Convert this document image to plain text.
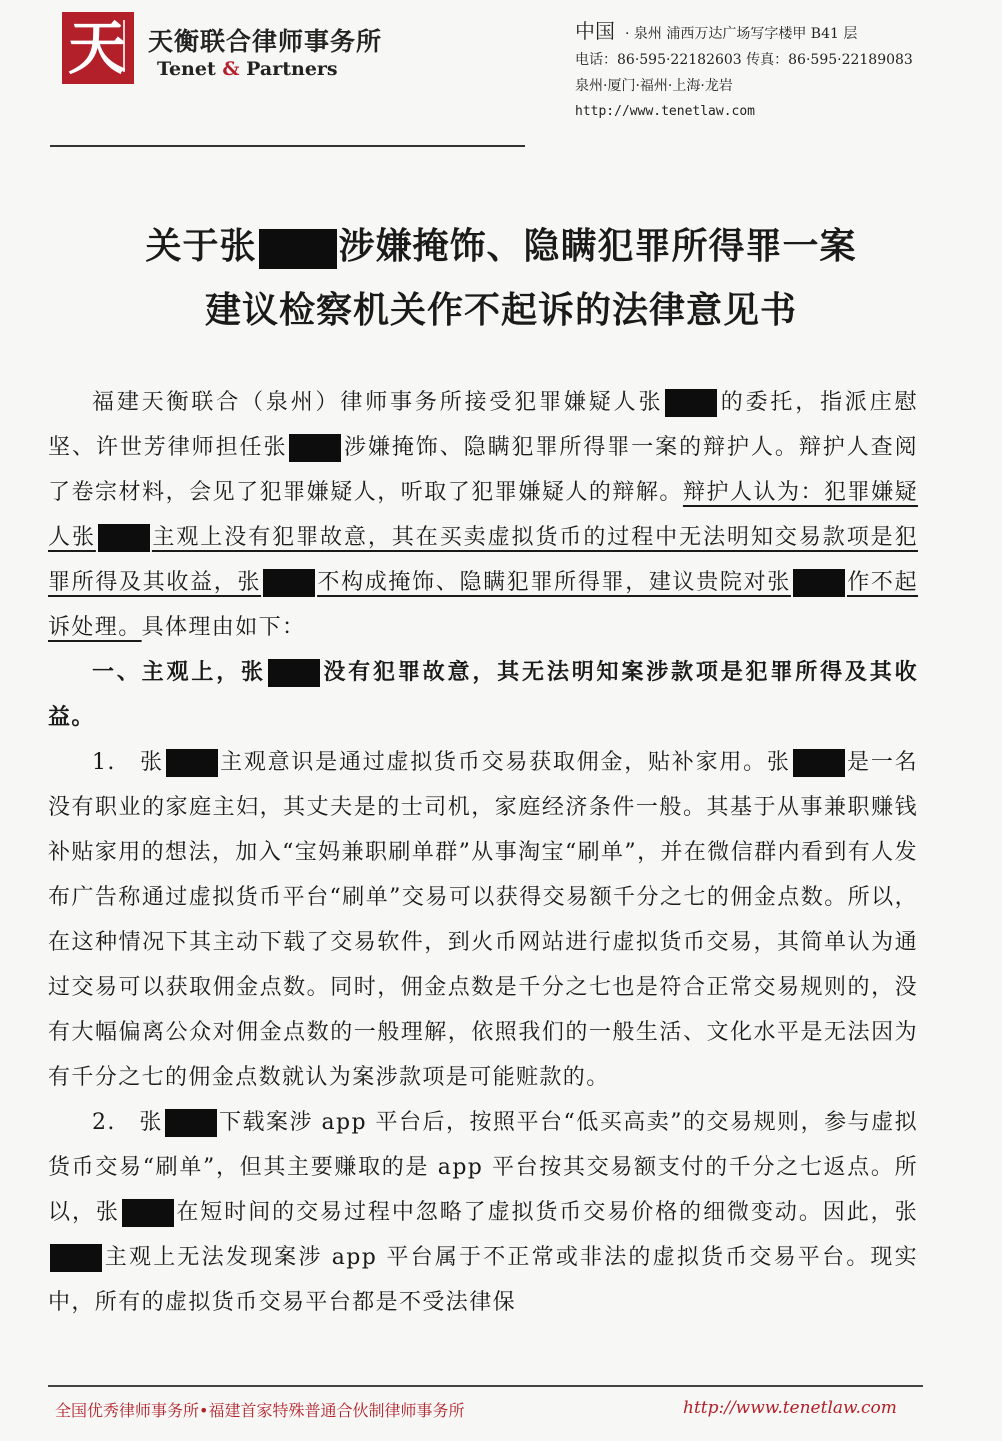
天 天衡联合律师事务所
Tenet & Partners
中国 · 泉州 浦西万达广场写字楼甲 B41 层
电话：86·595·22182603 传真：86·595·22189083
泉州·厦门·福州·上海·龙岩
http://www.tenetlaw.com
关于张 涉嫌掩饰、隐瞒犯罪所得罪一案
建议检察机关作不起诉的法律意见书

福建天衡联合（泉州）律师事务所接受犯罪嫌疑人张	的委托，指派庄慰坚、许世芳律师担任张	涉嫌掩饰、隐瞒犯罪所得罪一案的辩护人。辩护人查阅了卷宗材料，会见了犯罪嫌疑人，听取了犯罪嫌疑人的辩解。辩护人认为：犯罪嫌疑人张	主观上没有犯罪故意，其在买卖虚拟货币的过程中无法明知交易款项是犯罪所得及其收益，张	不构成掩饰、隐瞒犯罪所得罪，建议贵院对张	作不起诉处理。具体理由如下：

一、主观上，张	没有犯罪故意，其无法明知案涉款项是犯罪所得及其收益。

1.　张	主观意识是通过虚拟货币交易获取佣金，贴补家用。张	是一名没有职业的家庭主妇，其丈夫是的士司机，家庭经济条件一般。其基于从事兼职赚钱补贴家用的想法，加入“宝妈兼职刷单群”从事淘宝“刷单”，并在微信群内看到有人发布广告称通过虚拟货币平台“刷单”交易可以获得交易额千分之七的佣金点数。所以，在这种情况下其主动下载了交易软件，到火币网站进行虚拟货币交易，其简单认为通过交易可以获取佣金点数。同时，佣金点数是千分之七也是符合正常交易规则的，没有大幅偏离公众对佣金点数的一般理解，依照我们的一般生活、文化水平是无法因为有千分之七的佣金点数就认为案涉款项是可能赃款的。

2.　张	下载案涉 app 平台后，按照平台“低买高卖”的交易规则，参与虚拟货币交易“刷单”，但其主要赚取的是 app 平台按其交易额支付的千分之七返点。所以，张	在短时间的交易过程中忽略了虚拟货币交易价格的细微变动。因此，张主观上无法发现案涉 app 平台属于不正常或非法的虚拟货币交易平台。现实中，所有的虚拟货币交易平台都是不受法律保

全国优秀律师事务所•福建首家特殊普通合伙制律师事务所	http://www.tenetlaw.com
